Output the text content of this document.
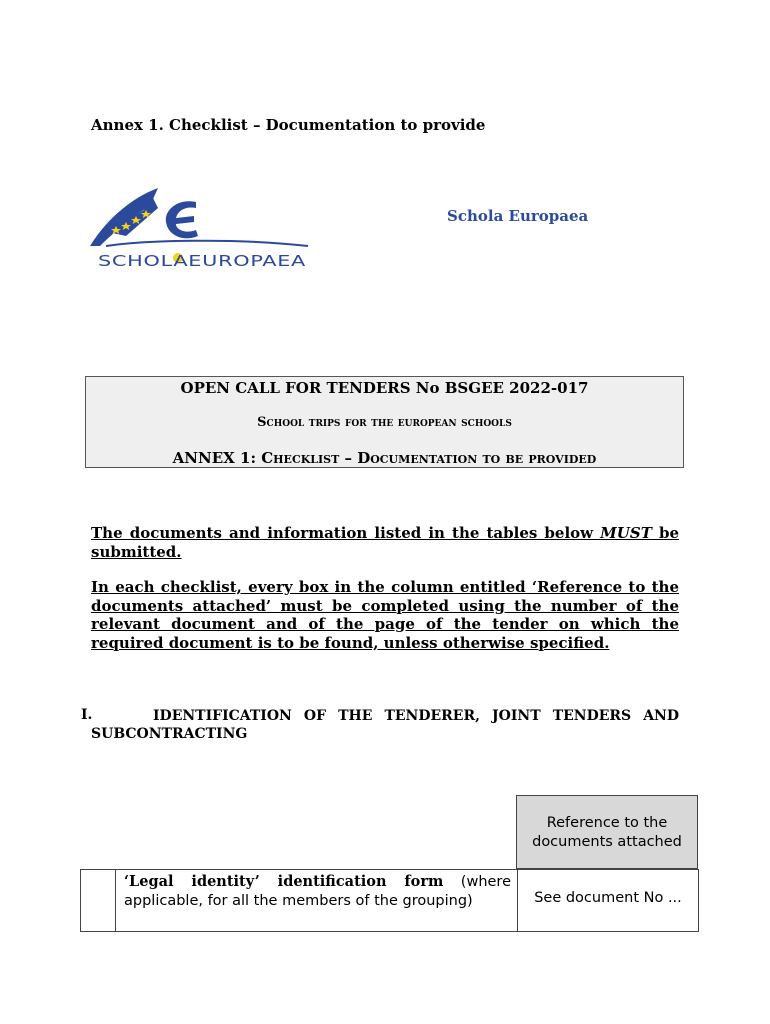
Annex 1. Checklist – Documentation to provide
SCHOLAEUROPAEA
Schola Europaea
OPEN CALL FOR TENDERS No BSGEE 2022-017
School trips for the european schools
ANNEX 1: Checklist – Documentation to be provided
The documents and information listed in the tables below MUST be submitted.
In each checklist, every box in the column entitled ‘Reference to the documents attached’ must be completed using the number of the relevant document and of the page of the tender on which the required document is to be found, unless otherwise specified.
I.	IDENTIFICATION OF THE TENDERER, JOINT TENDERS AND SUBCONTRACTING
Reference to the documents attached
‘Legal identity’ identification form (where applicable, for all the members of the grouping)	See document No ...
